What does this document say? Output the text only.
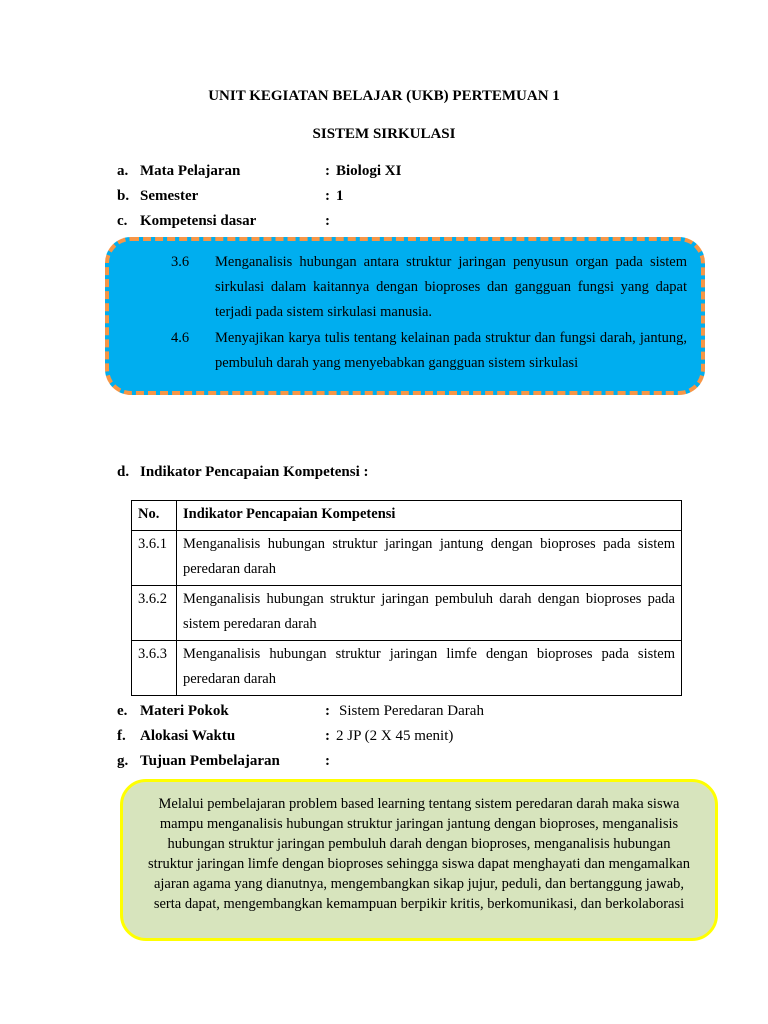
UNIT KEGIATAN BELAJAR (UKB) PERTEMUAN 1
SISTEM SIRKULASI
a. Mata Pelajaran	: Biologi XI
b. Semester	: 1
c. Kompetensi dasar	:
3.6 Menganalisis hubungan antara struktur jaringan penyusun organ pada sistem sirkulasi dalam kaitannya dengan bioproses dan gangguan fungsi yang dapat terjadi pada sistem sirkulasi manusia.
4.6 Menyajikan karya tulis tentang kelainan pada struktur dan fungsi darah, jantung, pembuluh darah yang menyebabkan gangguan sistem sirkulasi
d. Indikator Pencapaian Kompetensi :
No.	Indikator Pencapaian Kompetensi
3.6.1	Menganalisis hubungan struktur jaringan jantung dengan bioproses pada sistem peredaran darah
3.6.2	Menganalisis hubungan struktur jaringan pembuluh darah dengan bioproses pada sistem peredaran darah
3.6.3	Menganalisis hubungan struktur jaringan limfe dengan bioproses pada sistem peredaran darah
e. Materi Pokok	: Sistem Peredaran Darah
f. Alokasi Waktu	: 2 JP (2 X 45 menit)
g. Tujuan Pembelajaran	:
Melalui pembelajaran problem based learning tentang sistem peredaran darah maka siswa mampu menganalisis hubungan struktur jaringan jantung dengan bioproses, menganalisis hubungan struktur jaringan pembuluh darah dengan bioproses, menganalisis hubungan struktur jaringan limfe dengan bioproses sehingga siswa dapat menghayati dan mengamalkan ajaran agama yang dianutnya, mengembangkan sikap jujur, peduli, dan bertanggung jawab, serta dapat, mengembangkan kemampuan berpikir kritis, berkomunikasi, dan berkolaborasi
